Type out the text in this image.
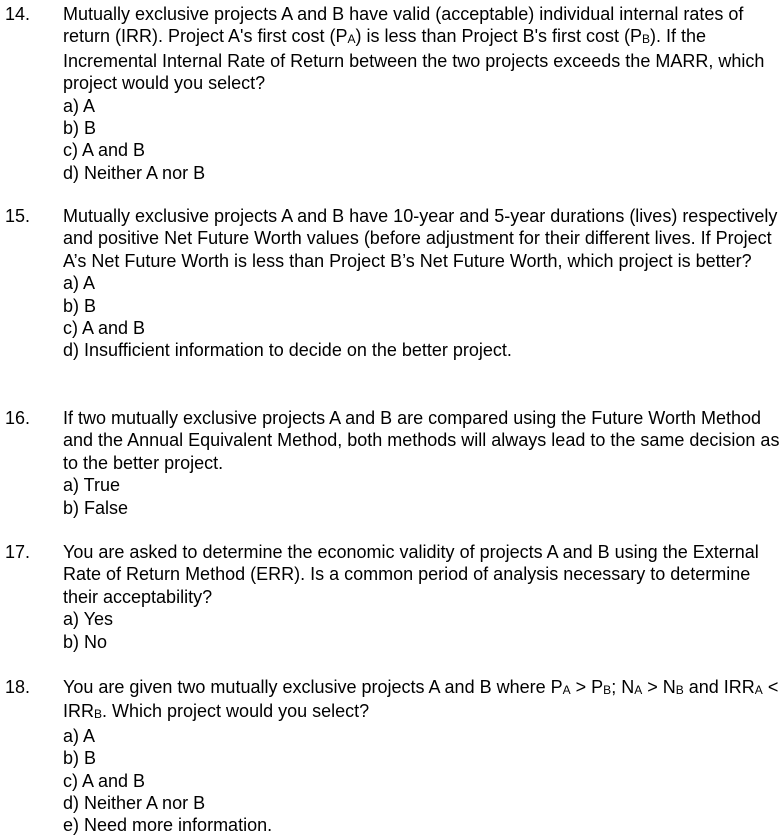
14. Mutually exclusive projects A and B have valid (acceptable) individual internal rates of return (IRR). Project A's first cost (PA) is less than Project B's first cost (PB). If the Incremental Internal Rate of Return between the two projects exceeds the MARR, which project would you select?

a) A
b) B
c) A and B
d) Neither A nor B
15. Mutually exclusive projects A and B have 10-year and 5-year durations (lives) respectively and positive Net Future Worth values (before adjustment for their different lives. If Project A’s Net Future Worth is less than Project B’s Net Future Worth, which project is better?

a) A
b) B
c) A and B
d) Insufficient information to decide on the better project.
16. If two mutually exclusive projects A and B are compared using the Future Worth Method and the Annual Equivalent Method, both methods will always lead to the same decision as to the better project.

a) True
b) False
17. You are asked to determine the economic validity of projects A and B using the External Rate of Return Method (ERR). Is a common period of analysis necessary to determine their acceptability?

a) Yes
b) No
18. You are given two mutually exclusive projects A and B where PA > PB; NA > NB and IRRA < IRRB. Which project would you select?

a) A
b) B
c) A and B
d) Neither A nor B
e) Need more information.
